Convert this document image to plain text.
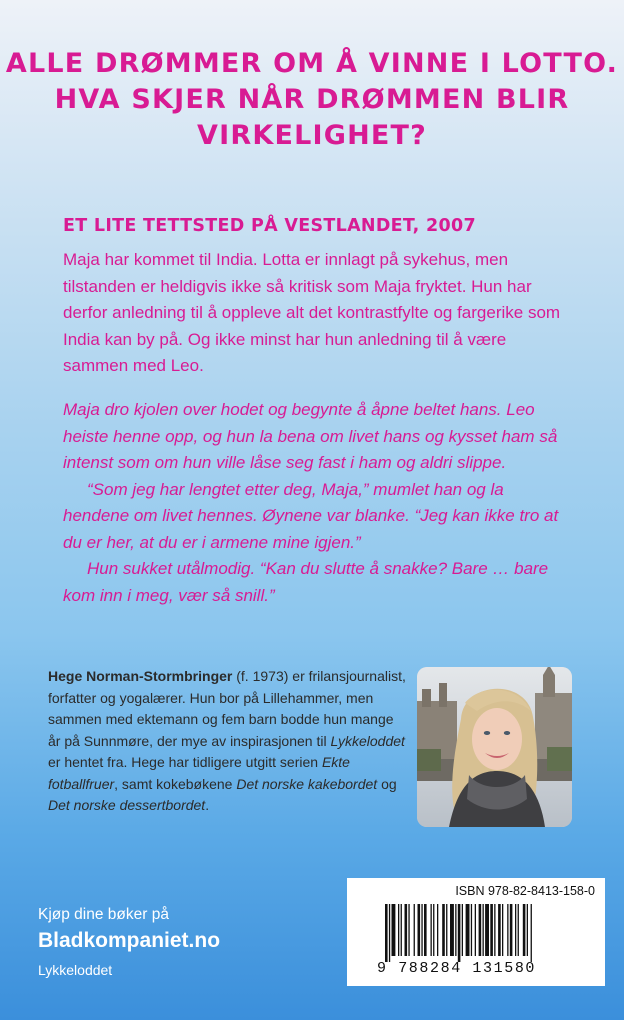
ALLE DRØMMER OM Å VINNE I LOTTO.
HVA SKJER NÅR DRØMMEN BLIR
VIRKELIGHET?
ET LITE TETTSTED PÅ VESTLANDET, 2007

Maja har kommet til India. Lotta er innlagt på sykehus, men tilstanden er heldigvis ikke så kritisk som Maja fryktet. Hun har derfor anledning til å oppleve alt det kontrastfylte og fargerike som India kan by på. Og ikke minst har hun anledning til å være sammen med Leo.

Maja dro kjolen over hodet og begynte å åpne beltet hans. Leo heiste henne opp, og hun la bena om livet hans og kysset ham så intenst som om hun ville låse seg fast i ham og aldri slippe.

“Som jeg har lengtet etter deg, Maja,” mumlet han og la hendene om livet hennes. Øynene var blanke. “Jeg kan ikke tro at du er her, at du er i armene mine igjen.”

Hun sukket utålmodig. “Kan du slutte å snakke? Bare … bare kom inn i meg, vær så snill.”

Hege Norman-Stormbringer (f. 1973) er frilansjournalist, forfatter og yogalærer. Hun bor på Lillehammer, men sammen med ektemann og fem barn bodde hun mange år på Sunnmøre, der mye av inspirasjonen til Lykkeloddet er hentet fra. Hege har tidligere utgitt serien Ekte fotballfruer, samt kokebøkene Det norske kakebordet og Det norske dessertbordet.
ISBN 978-82-8413-158-0
9 788284 131580
Kjøp dine bøker på
Bladkompaniet.no
Lykkeloddet
